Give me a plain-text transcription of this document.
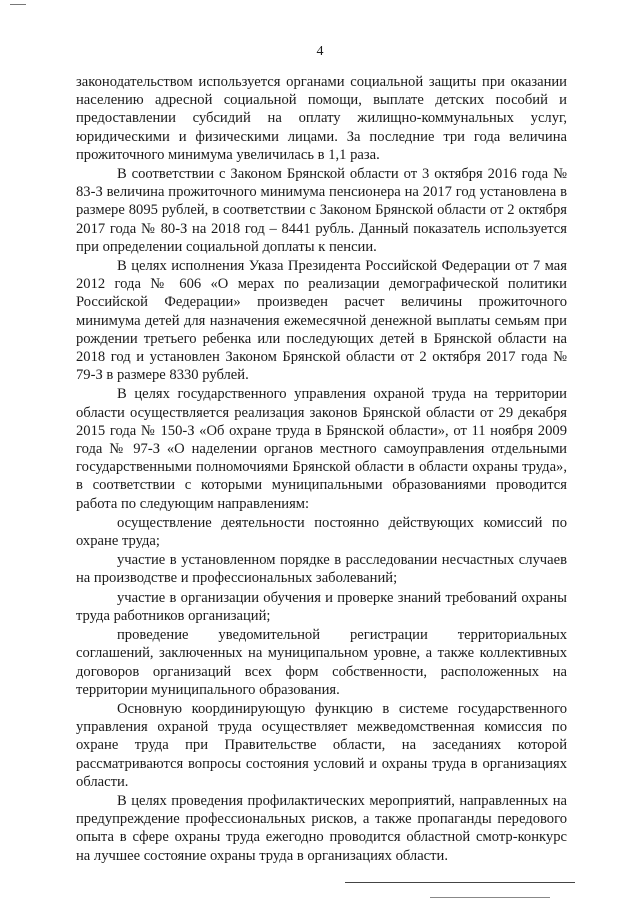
4

законодательством используется органами социальной защиты при оказании населению адресной социальной помощи, выплате детских пособий и предоставлении субсидий на оплату жилищно-коммунальных услуг, юридическими и физическими лицами. За последние три года величина прожиточного минимума увеличилась в 1,1 раза.

В соответствии с Законом Брянской области от 3 октября 2016 года № 83-З величина прожиточного минимума пенсионера на 2017 год установлена в размере 8095 рублей, в соответствии с Законом Брянской области от 2 октября 2017 года № 80-З на 2018 год – 8441 рубль. Данный показатель используется при определении социальной доплаты к пенсии.

В целях исполнения Указа Президента Российской Федерации от 7 мая 2012 года № 606 «О мерах по реализации демографической политики Российской Федерации» произведен расчет величины прожиточного минимума детей для назначения ежемесячной денежной выплаты семьям при рождении третьего ребенка или последующих детей в Брянской области на 2018 год и установлен Законом Брянской области от 2 октября 2017 года № 79-З в размере 8330 рублей.

В целях государственного управления охраной труда на территории области осуществляется реализация законов Брянской области от 29 декабря 2015 года № 150-З «Об охране труда в Брянской области», от 11 ноября 2009 года № 97-З «О наделении органов местного самоуправления отдельными государственными полномочиями Брянской области в области охраны труда», в соответствии с которыми муниципальными образованиями проводится работа по следующим направлениям:

осуществление деятельности постоянно действующих комиссий по охране труда;

участие в установленном порядке в расследовании несчастных случаев на производстве и профессиональных заболеваний;

участие в организации обучения и проверке знаний требований охраны труда работников организаций;

проведение уведомительной регистрации территориальных соглашений, заключенных на муниципальном уровне, а также коллективных договоров организаций всех форм собственности, расположенных на территории муниципального образования.

Основную координирующую функцию в системе государственного управления охраной труда осуществляет межведомственная комиссия по охране труда при Правительстве области, на заседаниях которой рассматриваются вопросы состояния условий и охраны труда в организациях области.

В целях проведения профилактических мероприятий, направленных на предупреждение профессиональных рисков, а также пропаганды передового опыта в сфере охраны труда ежегодно проводится областной смотр-конкурс на лучшее состояние охраны труда в организациях области.
